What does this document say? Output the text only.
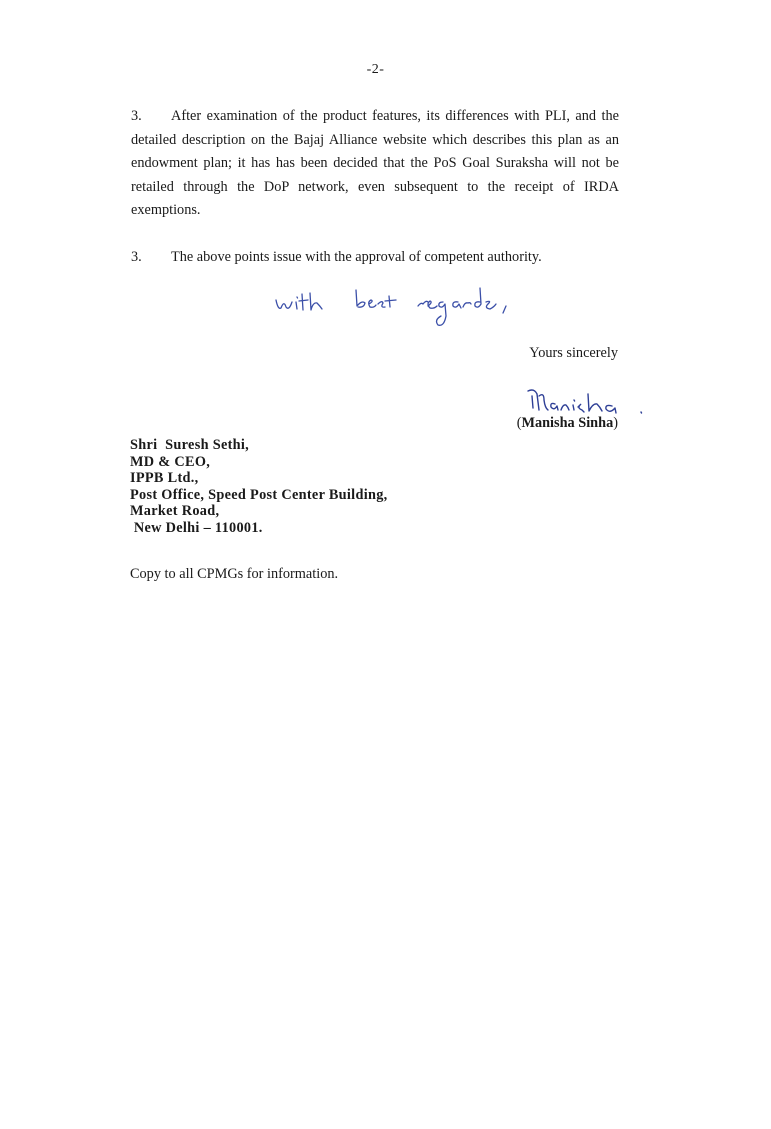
-2-
3. After examination of the product features, its differences with PLI, and the detailed description on the Bajaj Alliance website which describes this plan as an endowment plan; it has has been decided that the PoS Goal Suraksha will not be retailed through the DoP network, even subsequent to the receipt of IRDA exemptions.
3. The above points issue with the approval of competent authority.
Yours sincerely
(Manisha Sinha)
Shri  Suresh Sethi,
MD & CEO,
IPPB Ltd.,
Post Office, Speed Post Center Building,
Market Road,
New Delhi – 110001.
Copy to all CPMGs for information.
